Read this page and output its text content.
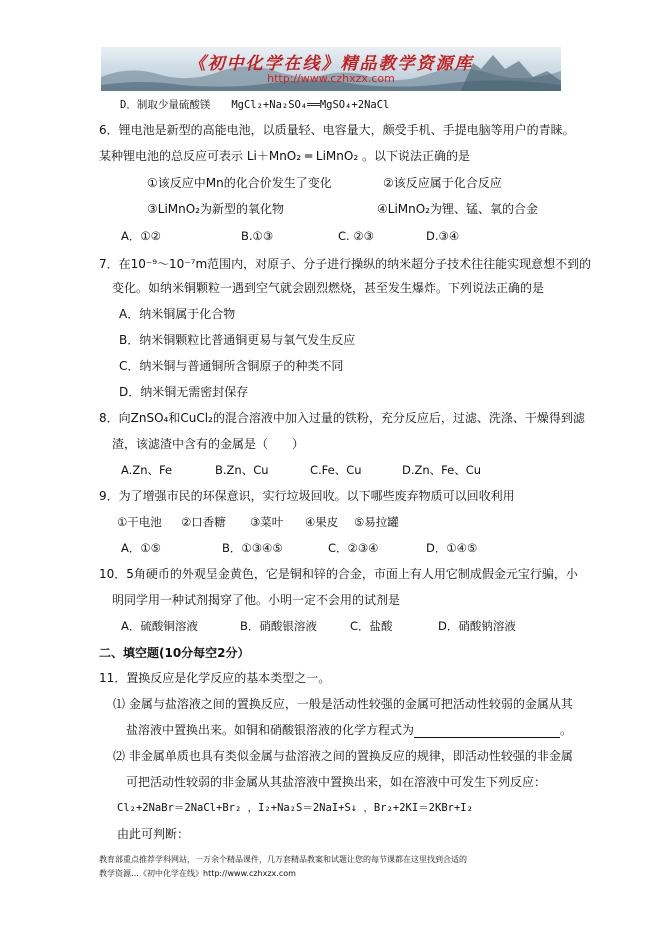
《初中化学在线》精品教学资源库
http://www.czhxzx.com
D．制取少量硫酸镁　　MgCl₂+Na₂SO₄══MgSO₄+2NaCl
6．锂电池是新型的高能电池，以质量轻、电容量大，颇受手机、手提电脑等用户的青睐。
某种锂电池的总反应可表示 Li＋MnO₂ ═ LiMnO₂ 。以下说法正确的是
①该反应中Mn的化合价发生了变化	②该反应属于化合反应
③LiMnO₂为新型的氧化物	④LiMnO₂为锂、锰、氧的合金
A．①②	B.①③	C. ②③	D.③④
7．在10⁻⁹～10⁻⁷m范围内，对原子、分子进行操纵的纳米超分子技术往往能实现意想不到的
变化。如纳米铜颗粒一遇到空气就会剧烈燃烧，甚至发生爆炸。下列说法正确的是
A．纳米铜属于化合物
B．纳米铜颗粒比普通铜更易与氧气发生反应
C．纳米铜与普通铜所含铜原子的种类不同
D．纳米铜无需密封保存
8．向ZnSO₄和CuCl₂的混合溶液中加入过量的铁粉，充分反应后，过滤、洗涤、干燥得到滤
渣，该滤渣中含有的金属是（　　）
A.Zn、Fe	B.Zn、Cu	C.Fe、Cu	D.Zn、Fe、Cu
9．为了增强市民的环保意识，实行垃圾回收。以下哪些废弃物质可以回收利用
①干电池 ②口香糖 ③菜叶 ④果皮 ⑤易拉罐
A．①⑤	B．①③④⑤	C．②③④	D．①④⑤
10．5角硬币的外观呈金黄色，它是铜和锌的合金，市面上有人用它制成假金元宝行骗，小
明同学用一种试剂揭穿了他。小明一定不会用的试剂是
A．硫酸铜溶液	B．硝酸银溶液	C．盐酸	D．硝酸钠溶液
二、填空题(10分每空2分）
11．置换反应是化学反应的基本类型之一。
⑴ 金属与盐溶液之间的置换反应，一般是活动性较强的金属可把活动性较弱的金属从其
盐溶液中置换出来。如铜和硝酸银溶液的化学方程式为	。
⑵ 非金属单质也具有类似金属与盐溶液之间的置换反应的规律，即活动性较强的非金属
可把活动性较弱的非金属从其盐溶液中置换出来，如在溶液中可发生下列反应：
Cl₂+2NaBr＝2NaCl+Br₂ ，I₂+Na₂S＝2NaI+S↓ ，Br₂+2KI＝2KBr+I₂
由此可判断：
教育部重点推荐学科网站，一万余个精品课件，几万套精品教案和试题让您的每节课都在这里找到合适的
教学资源…《初中化学在线》http://www.czhxzx.com
